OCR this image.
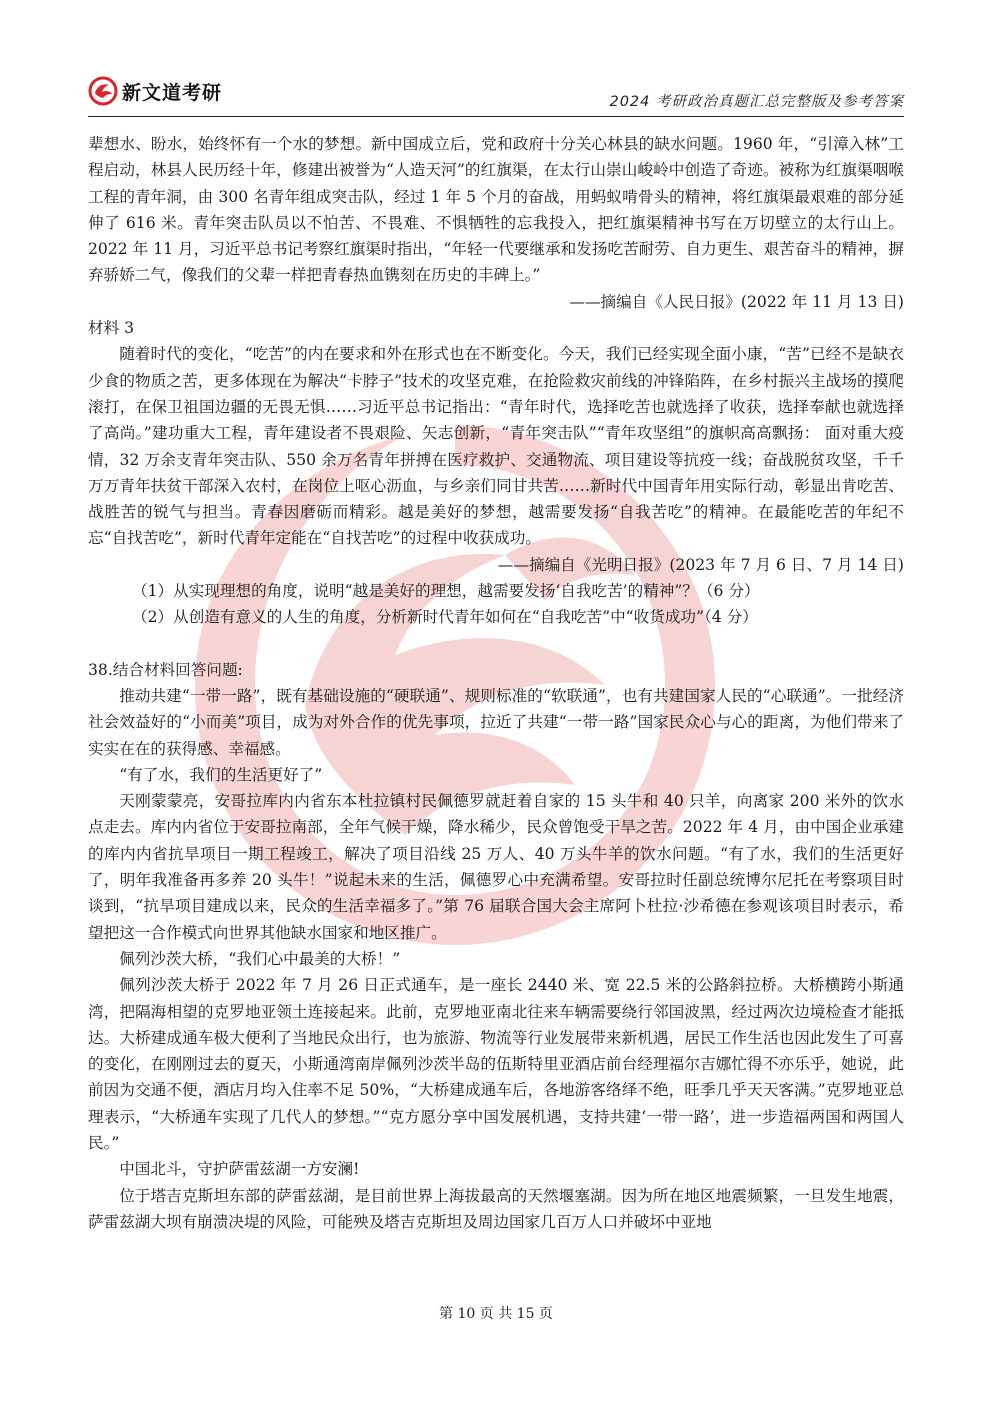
新文道考研	2024 考研政治真题汇总完整版及参考答案

辈想水、盼水，始终怀有一个水的梦想。新中国成立后，党和政府十分关心林县的缺水问题。1960 年，“引漳入林”工程启动，林县人民历经十年，修建出被誉为“人造天河”的红旗渠，在太行山崇山峻岭中创造了奇迹。被称为红旗渠咽喉工程的青年洞，由 300 名青年组成突击队，经过 1 年 5 个月的奋战，用蚂蚁啃骨头的精神，将红旗渠最艰难的部分延伸了 616 米。青年突击队员以不怕苦、不畏难、不惧牺牲的忘我投入，把红旗渠精神书写在万切壁立的太行山上。2022 年 11 月，习近平总书记考察红旗渠时指出，“年轻一代要继承和发扬吃苦耐劳、自力更生、艰苦奋斗的精神，摒弃骄娇二气，像我们的父辈一样把青春热血镌刻在历史的丰碑上。”

——摘编自《人民日报》(2022 年 11 月 13 日)

材料 3

随着时代的变化，“吃苦”的内在要求和外在形式也在不断变化。今天，我们已经实现全面小康，“苦”已经不是缺衣少食的物质之苦，更多体现在为解决“卡脖子”技术的攻坚克难，在抢险救灾前线的冲锋陷阵，在乡村振兴主战场的摸爬滚打，在保卫祖国边疆的无畏无惧……习近平总书记指出：“青年时代，选择吃苦也就选择了收获，选择奉献也就选择了高尚。”建功重大工程，青年建设者不畏艰险、矢志创新，“青年突击队”“青年攻坚组”的旗帜高高飘扬： 面对重大疫情，32 万余支青年突击队、550 余万名青年拼搏在医疗救护、交通物流、项目建设等抗疫一线；奋战脱贫攻坚，千千万万青年扶贫干部深入农村，在岗位上呕心沥血，与乡亲们同甘共苦……新时代中国青年用实际行动，彰显出肯吃苦、战胜苦的锐气与担当。青春因磨砺而精彩。越是美好的梦想，越需要发扬“自我苦吃”的精神。在最能吃苦的年纪不忘“自找苦吃”，新时代青年定能在“自找苦吃”的过程中收获成功。

——摘编自《光明日报》(2023 年 7 月 6 日、7 月 14 日)

（1）从实现理想的角度，说明“越是美好的理想，越需要发扬‘自我吃苦’的精神”？（6 分）

（2）从创造有意义的人生的角度，分析新时代青年如何在“自我吃苦”中“收货成功”（4 分）

38.结合材料回答问题:

推动共建“一带一路”，既有基础设施的“硬联通”、规则标准的“软联通”，也有共建国家人民的“心联通”。一批经济社会效益好的“小而美”项目，成为对外合作的优先事项，拉近了共建“一带一路”国家民众心与心的距离，为他们带来了实实在在的获得感、幸福感。

“有了水，我们的生活更好了”

天刚蒙蒙亮，安哥拉库内内省东本杜拉镇村民佩德罗就赶着自家的 15 头牛和 40 只羊，向离家 200 米外的饮水点走去。库内内省位于安哥拉南部，全年气候干燥，降水稀少，民众曾饱受干旱之苦。2022 年 4 月，由中国企业承建的库内内省抗旱项目一期工程竣工，解决了项目沿线 25 万人、40 万头牛羊的饮水问题。“有了水，我们的生活更好了，明年我准备再多养 20 头牛！”说起未来的生活，佩德罗心中充满希望。安哥拉时任副总统博尔尼托在考察项目时谈到，“抗旱项目建成以来，民众的生活幸福多了。”第 76 届联合国大会主席阿卜杜拉·沙希德在参观该项目时表示，希望把这一合作模式向世界其他缺水国家和地区推广。

佩列沙茨大桥，“我们心中最美的大桥！”

佩列沙茨大桥于 2022 年 7 月 26 日正式通车，是一座长 2440 米、宽 22.5 米的公路斜拉桥。大桥横跨小斯通湾，把隔海相望的克罗地亚领土连接起来。此前，克罗地亚南北往来车辆需要绕行邻国波黑，经过两次边境检查才能抵达。大桥建成通车极大便利了当地民众出行，也为旅游、物流等行业发展带来新机遇，居民工作生活也因此发生了可喜的变化，在刚刚过去的夏天，小斯通湾南岸佩列沙茨半岛的伍斯特里亚酒店前台经理福尔吉娜忙得不亦乐乎，她说，此前因为交通不便，酒店月均入住率不足 50%，“大桥建成通车后，各地游客络绎不绝，旺季几乎天天客满。”克罗地亚总理表示，“大桥通车实现了几代人的梦想。”“克方愿分享中国发展机遇，支持共建‘一带一路’，进一步造福两国和两国人民。”

中国北斗，守护萨雷兹湖一方安澜!

位于塔吉克斯坦东部的萨雷兹湖，是目前世界上海拔最高的天然堰塞湖。因为所在地区地震频繁，一旦发生地震，萨雷兹湖大坝有崩溃决堤的风险，可能殃及塔吉克斯坦及周边国家几百万人口并破坏中亚地

第 10 页 共 15 页
